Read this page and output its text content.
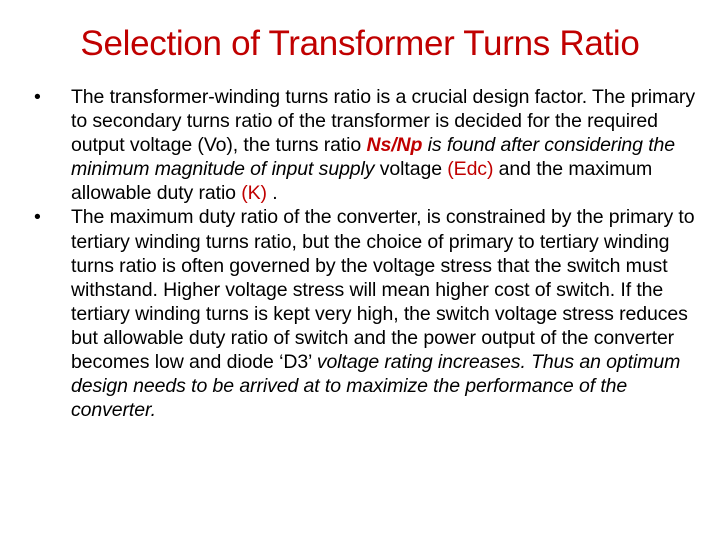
Selection of Transformer Turns Ratio
• The transformer-winding turns ratio is a crucial design factor. The primary to secondary turns ratio of the transformer is decided for the required output voltage (Vo), the turns ratio Ns/Np is found after considering the minimum magnitude of input supply voltage (Edc) and the maximum allowable duty ratio (K) .
• The maximum duty ratio of the converter, is constrained by the primary to tertiary winding turns ratio, but the choice of primary to tertiary winding turns ratio is often governed by the voltage stress that the switch must withstand. Higher voltage stress will mean higher cost of switch. If the tertiary winding turns is kept very high, the switch voltage stress reduces but allowable duty ratio of switch and the power output of the converter becomes low and diode ‘D3’ voltage rating increases. Thus an optimum design needs to be arrived at to maximize the performance of the converter.
